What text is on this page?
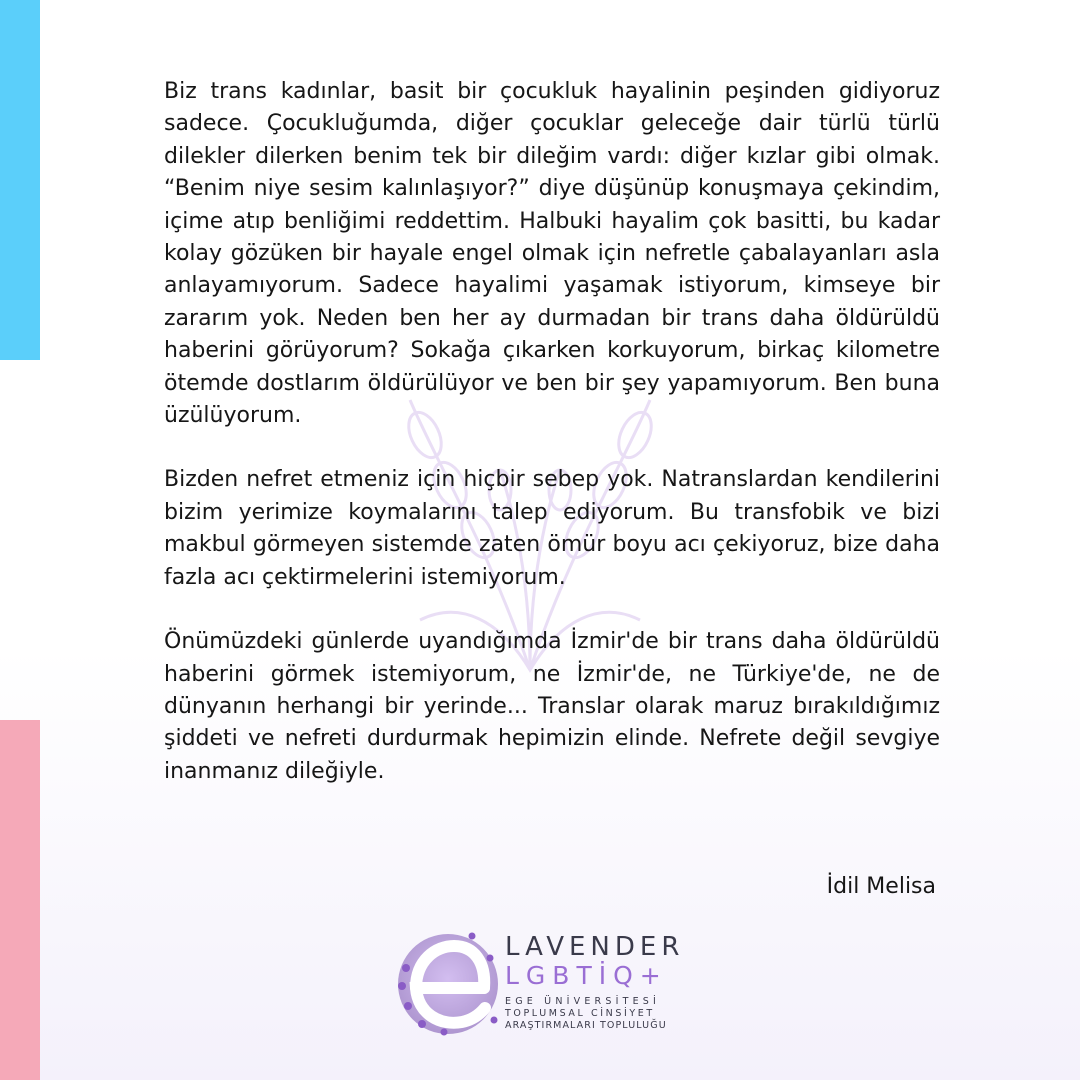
Biz trans kadınlar, basit bir çocukluk hayalinin peşinden gidiyoruz sadece. Çocukluğumda, diğer çocuklar geleceğe dair türlü türlü dilekler dilerken benim tek bir dileğim vardı: diğer kızlar gibi olmak. “Benim niye sesim kalınlaşıyor?” diye düşünüp konuşmaya çekindim, içime atıp benliğimi reddettim. Halbuki hayalim çok basitti, bu kadar kolay gözüken bir hayale engel olmak için nefretle çabalayanları asla anlayamıyorum. Sadece hayalimi yaşamak istiyorum, kimseye bir zararım yok. Neden ben her ay durmadan bir trans daha öldürüldü haberini görüyorum? Sokağa çıkarken korkuyorum, birkaç kilometre ötemde dostlarım öldürülüyor ve ben bir şey yapamıyorum. Ben buna üzülüyorum.

Bizden nefret etmeniz için hiçbir sebep yok. Natranslardan kendilerini bizim yerimize koymalarını talep ediyorum. Bu transfobik ve bizi makbul görmeyen sistemde zaten ömür boyu acı çekiyoruz, bize daha fazla acı çektirmelerini istemiyorum.

Önümüzdeki günlerde uyandığımda İzmir'de bir trans daha öldürüldü haberini görmek istemiyorum, ne İzmir'de, ne Türkiye'de, ne de dünyanın herhangi bir yerinde... Translar olarak maruz bırakıldığımız şiddeti ve nefreti durdurmak hepimizin elinde. Nefrete değil sevgiye inanmanız dileğiyle.

İdil Melisa
LAVENDER
LGBTİQ+
EGE ÜNİVERSİTESİ
TOPLUMSAL CİNSİYET
ARAŞTIRMALARI TOPLULUĞU
